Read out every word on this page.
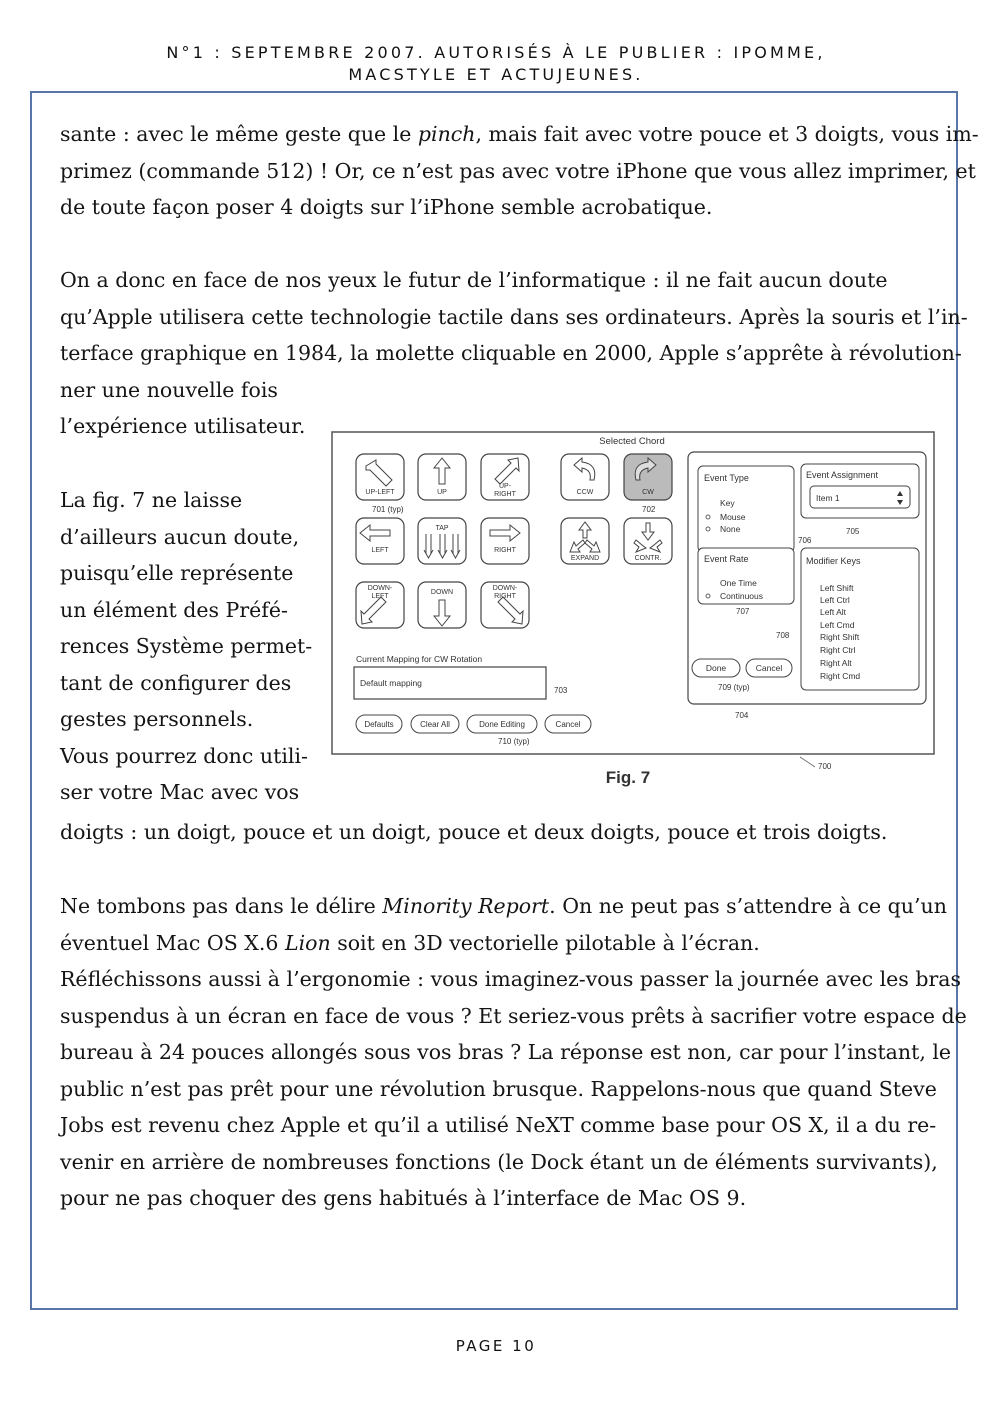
N°1 : SEPTEMBRE 2007. AUTORISÉS À LE PUBLIER : IPOMME,
MACSTYLE ET ACTUJEUNES.
sante : avec le même geste que le pinch, mais fait avec votre pouce et 3 doigts, vous im-
primez (commande 512) ! Or, ce n’est pas avec votre iPhone que vous allez imprimer, et
de toute façon poser 4 doigts sur l’iPhone semble acrobatique.
On a donc en face de nos yeux le futur de l’informatique : il ne fait aucun doute
qu’Apple utilisera cette technologie tactile dans ses ordinateurs. Après la souris et l’in-
terface graphique en 1984, la molette cliquable en 2000, Apple s’apprête à révolution-
ner une nouvelle fois
l’expérience utilisateur.
La fig. 7 ne laisse
d’ailleurs aucun doute,
puisqu’elle représente
un élément des Préfé-
rences Système permet-
tant de configurer des
gestes personnels.
Vous pourrez donc utili-
ser votre Mac avec vos
doigts : un doigt, pouce et un doigt, pouce et deux doigts, pouce et trois doigts.
Ne tombons pas dans le délire Minority Report. On ne peut pas s’attendre à ce qu’un
éventuel Mac OS X.6 Lion soit en 3D vectorielle pilotable à l’écran.
Réfléchissons aussi à l’ergonomie : vous imaginez-vous passer la journée avec les bras
suspendus à un écran en face de vous ? Et seriez-vous prêts à sacrifier votre espace de
bureau à 24 pouces allongés sous vos bras ? La réponse est non, car pour l’instant, le
public n’est pas prêt pour une révolution brusque. Rappelons-nous que quand Steve
Jobs est revenu chez Apple et qu’il a utilisé NeXT comme base pour OS X, il a du re-
venir en arrière de nombreuses fonctions (le Dock étant un de éléments survivants),
pour ne pas choquer des gens habitués à l’interface de Mac OS 9.
Selected Chord
UP-LEFT	UP
UP-
RIGHT	CCW	CW
701 (typ)	702
LEFT
TAP
RIGHT
EXPAND	CONTR.
DOWN-
LEFT
DOWN
DOWN-
RIGHT
Current Mapping for CW Rotation
Default mapping
703
Defaults	Clear All	Done Editing	Cancel
710 (typ)
Event Type
Key
Mouse
None
706
Event Assignment
Item 1
705
Event Rate
One Time
Continuous
707
Modifier Keys
Left Shift
Left Ctrl
Left Alt
Left Cmd
Right Shift
Right Ctrl
Right Alt
Right Cmd
708
Done	Cancel
709 (typ)
704
Fig. 7
700
PAGE 10
